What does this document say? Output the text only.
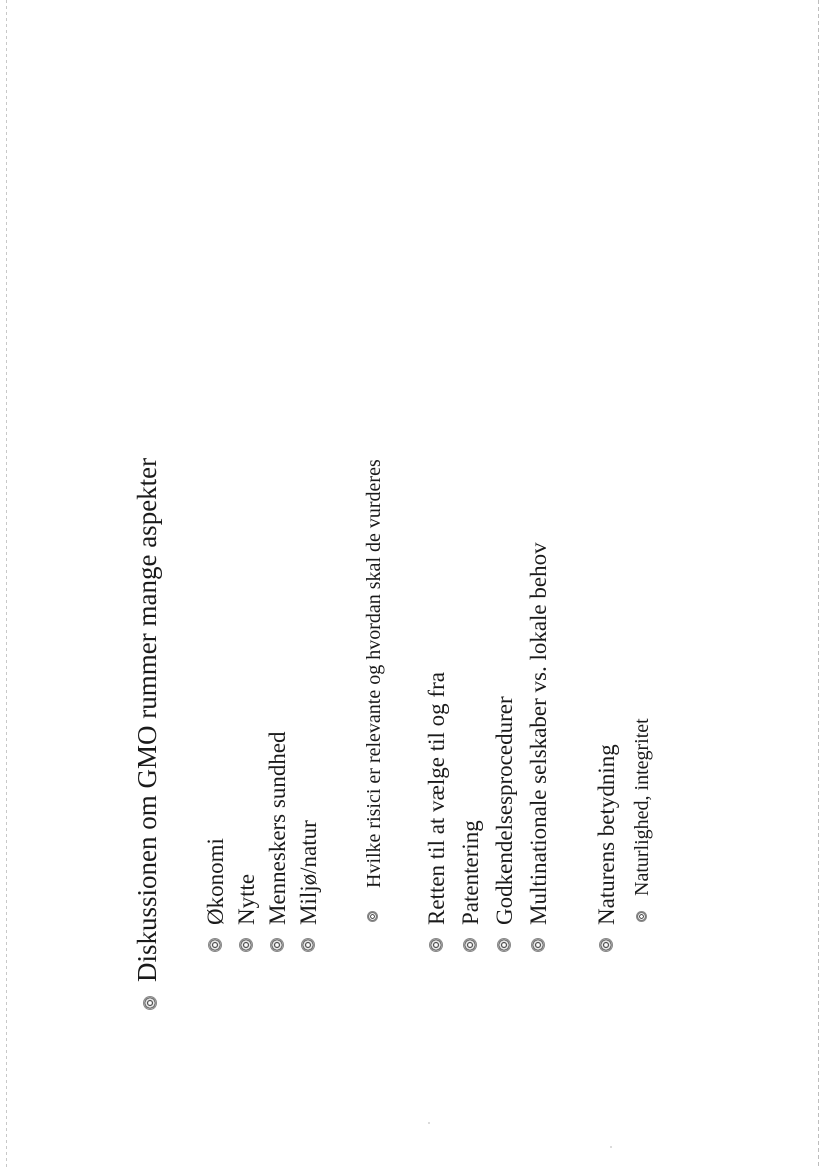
Diskussionen om GMO rummer mange aspekter Økonomi Nytte Menneskers sundhed Miljø/natur Hvilke risici er relevante og hvordan skal de vurderes Retten til at vælge til og fra Patentering Godkendelsesprocedurer Multinationale selskaber vs. lokale behov Naturens betydning Naturlighed, integritet
